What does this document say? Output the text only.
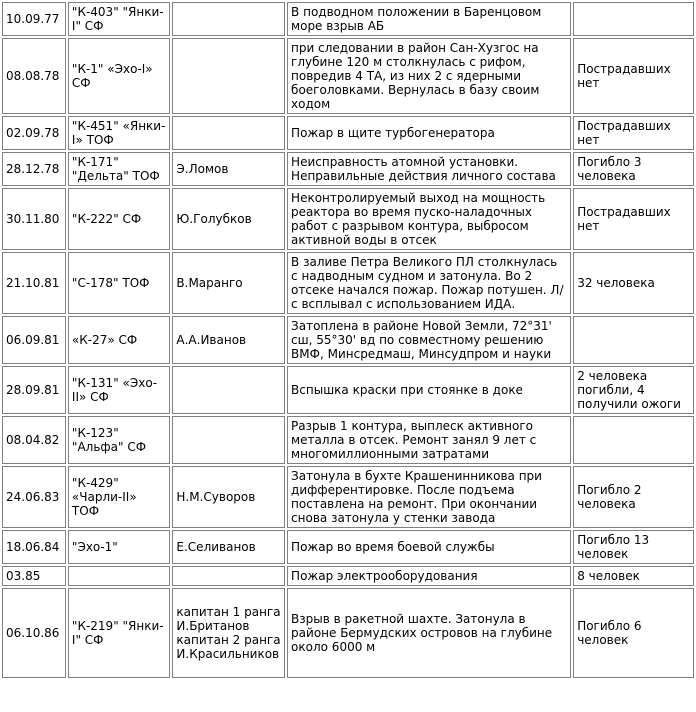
10.09.77	"К-403" "Янки-I" СФ		В подводном положении в Баренцовом море взрыв АБ	
08.08.78	"К-1" «Эхо-I» СФ		при следовании в район Сан-Хузгос на глубине 120 м столкнулась с рифом, повредив 4 ТА, из них 2 с ядерными боеголовками. Вернулась в базу своим ходом	Пострадавших нет
02.09.78	"К-451" «Янки-I» ТОФ		Пожар в щите турбогенератора	Пострадавших нет
28.12.78	"К-171" "Дельта" ТОФ	Э.Ломов	Неисправность атомной установки. Неправильные действия личного состава	Погибло 3 человека
30.11.80	"К-222" СФ	Ю.Голубков	Неконтролируемый выход на мощность реактора во время пуско-наладочных работ с разрывом контура, выбросом активной воды в отсек	Пострадавших нет
21.10.81	"С-178" ТОФ	В.Маранго	В заливе Петра Великого ПЛ столкнулась с надводным судном и затонула. Во 2 отсеке начался пожар. Пожар потушен. Л/с всплывал с использованием ИДА.	32 человека
06.09.81	«К-27» СФ	А.А.Иванов	Затоплена в районе Новой Земли, 72°31' сш, 55°30' вд по совместному решению ВМФ, Минсредмаш, Минсудпром и науки	
28.09.81	"К-131" «Эхо-II» СФ		Вспышка краски при стоянке в доке	2 человека погибли, 4 получили ожоги
08.04.82	"К-123" "Альфа" СФ		Разрыв 1 контура, выплеск активного металла в отсек. Ремонт занял 9 лет с многомиллионными затратами	
24.06.83	"К-429" «Чарли-II» ТОФ	Н.М.Суворов	Затонула в бухте Крашенинникова при дифферентировке. После подъема поставлена на ремонт. При окончании снова затонула у стенки завода	Погибло 2 человека
18.06.84	"Эхо-1"	Е.Селиванов	Пожар во время боевой службы	Погибло 13 человек
03.85			Пожар электрооборудования	8 человек
06.10.86	"К-219" "Янки-I" СФ	капитан 1 ранга И.Британов капитан 2 ранга И.Красильников	Взрыв в ракетной шахте. Затонула в районе Бермудских островов на глубине около 6000 м	Погибло 6 человек
